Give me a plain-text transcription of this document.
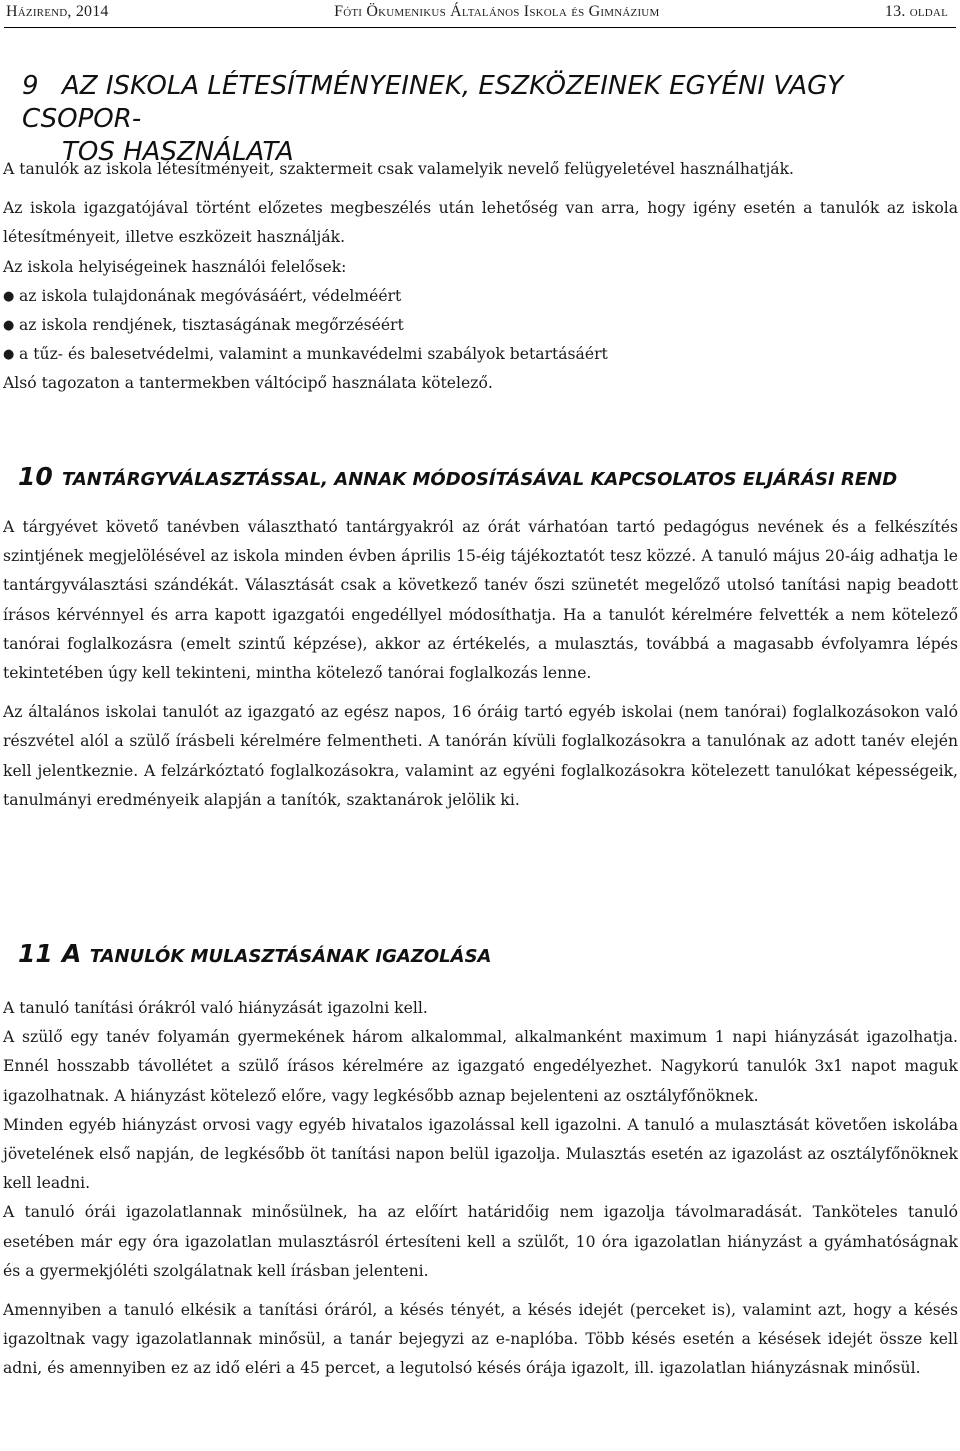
Házirend, 2014	Fóti Ökumenikus Általános Iskola és Gimnázium	13. oldal
9 AZ ISKOLA LÉTESÍTMÉNYEINEK, ESZKÖZEINEK EGYÉNI VAGY CSOPOR-
TOS HASZNÁLATA

A tanulók az iskola létesítményeit, szaktermeit csak valamelyik nevelő felügyeletével használhatják.

Az iskola igazgatójával történt előzetes megbeszélés után lehetőség van arra, hogy igény esetén a tanulók az iskola létesítményeit, illetve eszközeit használják.

Az iskola helyiségeinek használói felelősek:

● az iskola tulajdonának megóvásáért, védelméért
● az iskola rendjének, tisztaságának megőrzéséért
● a tűz- és balesetvédelmi, valamint a munkavédelmi szabályok betartásáért

Alsó tagozaton a tantermekben váltócipő használata kötelező.

10 TANTÁRGYVÁLASZTÁSSAL, ANNAK MÓDOSÍTÁSÁVAL KAPCSOLATOS ELJÁRÁSI REND

A tárgyévet követő tanévben választható tantárgyakról az órát várhatóan tartó pedagógus nevének és a felkészítés szintjének megjelölésével az iskola minden évben április 15-éig tájékoztatót tesz közzé. A tanuló május 20-áig adhatja le tantárgyválasztási szándékát. Választását csak a következő tanév őszi szünetét megelőző utolsó tanítási napig beadott írásos kérvénnyel és arra kapott igazgatói engedéllyel módosíthatja. Ha a tanulót kérelmére felvették a nem kötelező tanórai foglalkozásra (emelt szintű képzése), akkor az értékelés, a mulasztás, továbbá a magasabb évfolyamra lépés tekintetében úgy kell tekinteni, mintha kötelező tanórai foglalkozás lenne.

Az általános iskolai tanulót az igazgató az egész napos, 16 óráig tartó egyéb iskolai (nem tanórai) foglalkozásokon való részvétel alól a szülő írásbeli kérelmére felmentheti. A tanórán kívüli foglalkozásokra a tanulónak az adott tanév elején kell jelentkeznie. A felzárkóztató foglalkozásokra, valamint az egyéni foglalkozásokra kötelezett tanulókat képességeik, tanulmányi eredményeik alapján a tanítók, szaktanárok jelölik ki.

11 A TANULÓK MULASZTÁSÁNAK IGAZOLÁSA

A tanuló tanítási órákról való hiányzását igazolni kell.

A szülő egy tanév folyamán gyermekének három alkalommal, alkalmanként maximum 1 napi hiányzását igazolhatja. Ennél hosszabb távollétet a szülő írásos kérelmére az igazgató engedélyezhet. Nagykorú tanulók 3x1 napot maguk igazolhatnak. A hiányzást kötelező előre, vagy legkésőbb aznap bejelenteni az osztályfőnöknek.

Minden egyéb hiányzást orvosi vagy egyéb hivatalos igazolással kell igazolni. A tanuló a mulasztását követően iskolába jövetelének első napján, de legkésőbb öt tanítási napon belül igazolja. Mulasztás esetén az igazolást az osztályfőnöknek kell leadni.

A tanuló órái igazolatlannak minősülnek, ha az előírt határidőig nem igazolja távolmaradását. Tanköteles tanuló esetében már egy óra igazolatlan mulasztásról értesíteni kell a szülőt, 10 óra igazolatlan hiányzást a gyámhatóságnak és a gyermekjóléti szolgálatnak kell írásban jelenteni.

Amennyiben a tanuló elkésik a tanítási óráról, a késés tényét, a késés idejét (perceket is), valamint azt, hogy a késés igazoltnak vagy igazolatlannak minősül, a tanár bejegyzi az e-naplóba. Több késés esetén a késések idejét össze kell adni, és amennyiben ez az idő eléri a 45 percet, a legutolsó késés órája igazolt, ill. igazolatlan hiányzásnak minősül.
